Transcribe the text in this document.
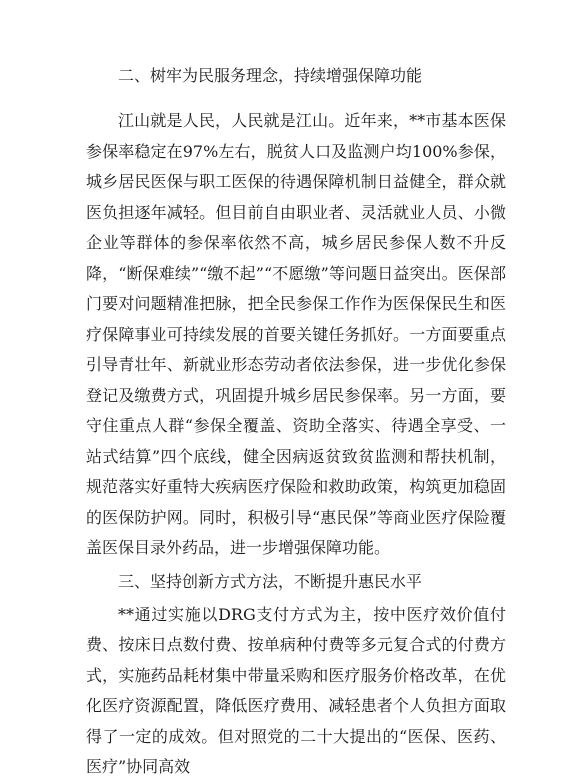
二、树牢为民服务理念，持续增强保障功能

江山就是人民，人民就是江山。近年来，**市基本医保参保率稳定在97%左右，脱贫人口及监测户均100%参保，城乡居民医保与职工医保的待遇保障机制日益健全，群众就医负担逐年减轻。但目前自由职业者、灵活就业人员、小微企业等群体的参保率依然不高，城乡居民参保人数不升反降，“断保难续”“缴不起”“不愿缴”等问题日益突出。医保部门要对问题精准把脉，把全民参保工作作为医保保民生和医疗保障事业可持续发展的首要关键任务抓好。一方面要重点引导青壮年、新就业形态劳动者依法参保，进一步优化参保登记及缴费方式，巩固提升城乡居民参保率。另一方面，要守住重点人群“参保全覆盖、资助全落实、待遇全享受、一站式结算”四个底线，健全因病返贫致贫监测和帮扶机制，规范落实好重特大疾病医疗保险和救助政策，构筑更加稳固的医保防护网。同时，积极引导“惠民保”等商业医疗保险覆盖医保目录外药品，进一步增强保障功能。

三、坚持创新方式方法，不断提升惠民水平

**通过实施以DRG支付方式为主，按中医疗效价值付费、按床日点数付费、按单病种付费等多元复合式的付费方式，实施药品耗材集中带量采购和医疗服务价格改革，在优化医疗资源配置，降低医疗费用、减轻患者个人负担方面取得了一定的成效。但对照党的二十大提出的“医保、医药、医疗”协同高效
